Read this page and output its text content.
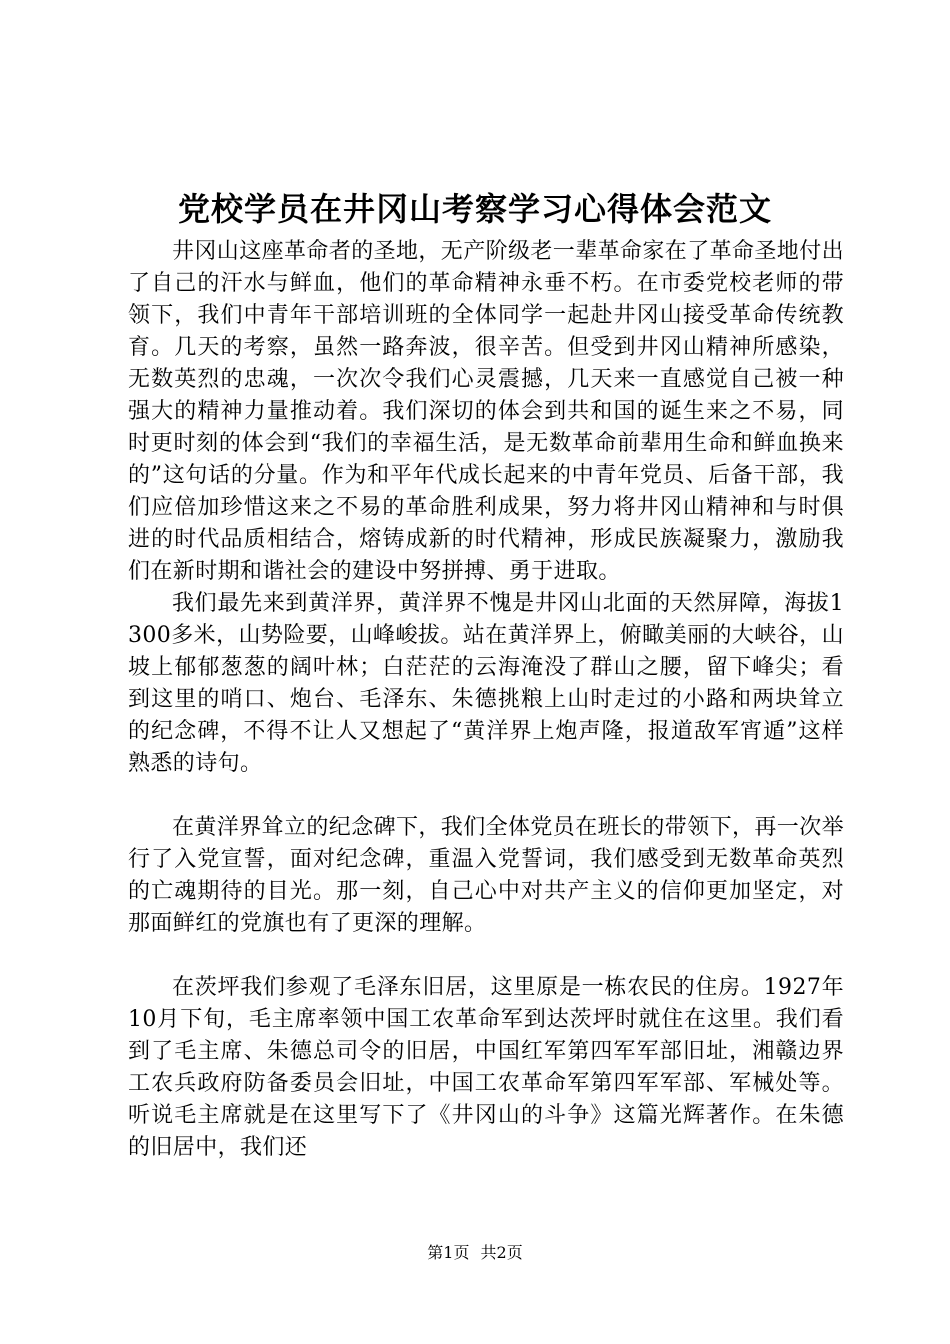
党校学员在井冈山考察学习心得体会范文

井冈山这座革命者的圣地，无产阶级老一辈革命家在了革命圣地付出了自己的汗水与鲜血，他们的革命精神永垂不朽。在市委党校老师的带领下，我们中青年干部培训班的全体同学一起赴井冈山接受革命传统教育。几天的考察，虽然一路奔波，很辛苦。但受到井冈山精神所感染，无数英烈的忠魂，一次次令我们心灵震撼，几天来一直感觉自己被一种强大的精神力量推动着。我们深切的体会到共和国的诞生来之不易，同时更时刻的体会到“我们的幸福生活，是无数革命前辈用生命和鲜血换来的”这句话的分量。作为和平年代成长起来的中青年党员、后备干部，我们应倍加珍惜这来之不易的革命胜利成果，努力将井冈山精神和与时俱进的时代品质相结合，熔铸成新的时代精神，形成民族凝聚力，激励我们在新时期和谐社会的建设中努拼搏、勇于进取。

我们最先来到黄洋界，黄洋界不愧是井冈山北面的天然屏障，海拔1300多米，山势险要，山峰峻拔。站在黄洋界上，俯瞰美丽的大峡谷，山坡上郁郁葱葱的阔叶林；白茫茫的云海淹没了群山之腰，留下峰尖；看到这里的哨口、炮台、毛泽东、朱德挑粮上山时走过的小路和两块耸立的纪念碑，不得不让人又想起了“黄洋界上炮声隆，报道敌军宵遁”这样熟悉的诗句。

在黄洋界耸立的纪念碑下，我们全体党员在班长的带领下，再一次举行了入党宣誓，面对纪念碑，重温入党誓词，我们感受到无数革命英烈的亡魂期待的目光。那一刻，自己心中对共产主义的信仰更加坚定，对那面鲜红的党旗也有了更深的理解。

在茨坪我们参观了毛泽东旧居，这里原是一栋农民的住房。1927年10月下旬，毛主席率领中国工农革命军到达茨坪时就住在这里。我们看到了毛主席、朱德总司令的旧居，中国红军第四军军部旧址，湘赣边界工农兵政府防备委员会旧址，中国工农革命军第四军军部、军械处等。听说毛主席就是在这里写下了《井冈山的斗争》这篇光辉著作。在朱德的旧居中，我们还

第1页 共2页
